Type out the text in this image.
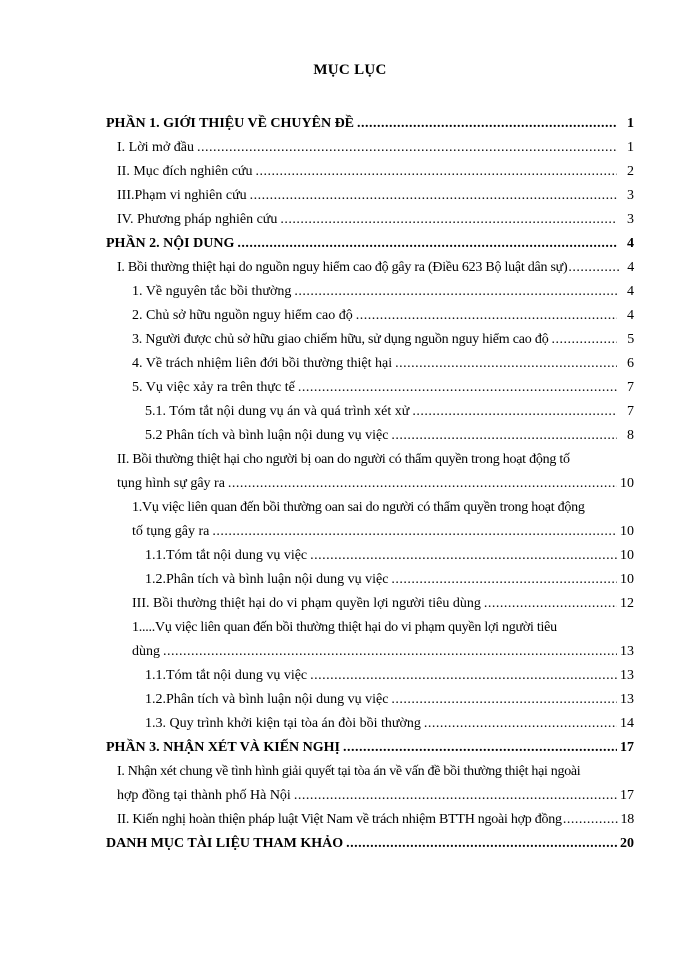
MỤC LỤC
PHẦN 1. GIỚI THIỆU VỀ CHUYÊN ĐỀ .....	1
I. Lời mở đầu .....	1
II. Mục đích nghiên cứu .....	2
III.Phạm vi nghiên cứu .....	3
IV. Phương pháp nghiên cứu .....	3
PHẦN 2. NỘI DUNG .....	4
I. Bồi thường thiệt hại do nguồn nguy hiểm cao độ gây ra (Điều 623 Bộ luật dân sự) .....	4
1. Về nguyên tắc bồi thường .....	4
2. Chủ sở hữu nguồn nguy hiểm cao độ .....	4
3. Người được chủ sở hữu giao chiếm hữu, sử dụng nguồn nguy hiểm cao độ .....	5
4. Về trách nhiệm liên đới bồi thường thiệt hại .....	6
5. Vụ việc xảy ra trên thực tế .....	7
5.1. Tóm tắt nội dung vụ án và quá trình xét xử .....	7
5.2 Phân tích và bình luận nội dung vụ việc .....	8
II. Bồi thường thiệt hại cho người bị oan do người có thẩm quyền trong hoạt động tố
tụng hình sự gây ra .....	10
1.Vụ việc liên quan đến bồi thường oan sai do người có thẩm quyền trong hoạt động
tố tụng gây ra .....	10
1.1.Tóm tắt nội dung vụ việc .....	10
1.2.Phân tích và bình luận nội dung vụ việc .....	10
III. Bồi thường thiệt hại do vi phạm quyền lợi người tiêu dùng .....	12
1.....Vụ việc liên quan đến bồi thường thiệt hại do vi phạm quyền lợi người tiêu
dùng .....	13
1.1.Tóm tắt nội dung vụ việc .....	13
1.2.Phân tích và bình luận nội dung vụ việc .....	13
1.3. Quy trình khởi kiện tại tòa án đòi bồi thường .....	14
PHẦN 3. NHẬN XÉT VÀ KIẾN NGHỊ .....	17
I. Nhận xét chung về tình hình giải quyết tại tòa án về vấn đề bồi thường thiệt hại ngoài
hợp đồng tại thành phố Hà Nội .....	17
II. Kiến nghị hoàn thiện pháp luật Việt Nam về trách nhiệm BTTH ngoài hợp đồng .....	18
DANH MỤC TÀI LIỆU THAM KHẢO .....	20
